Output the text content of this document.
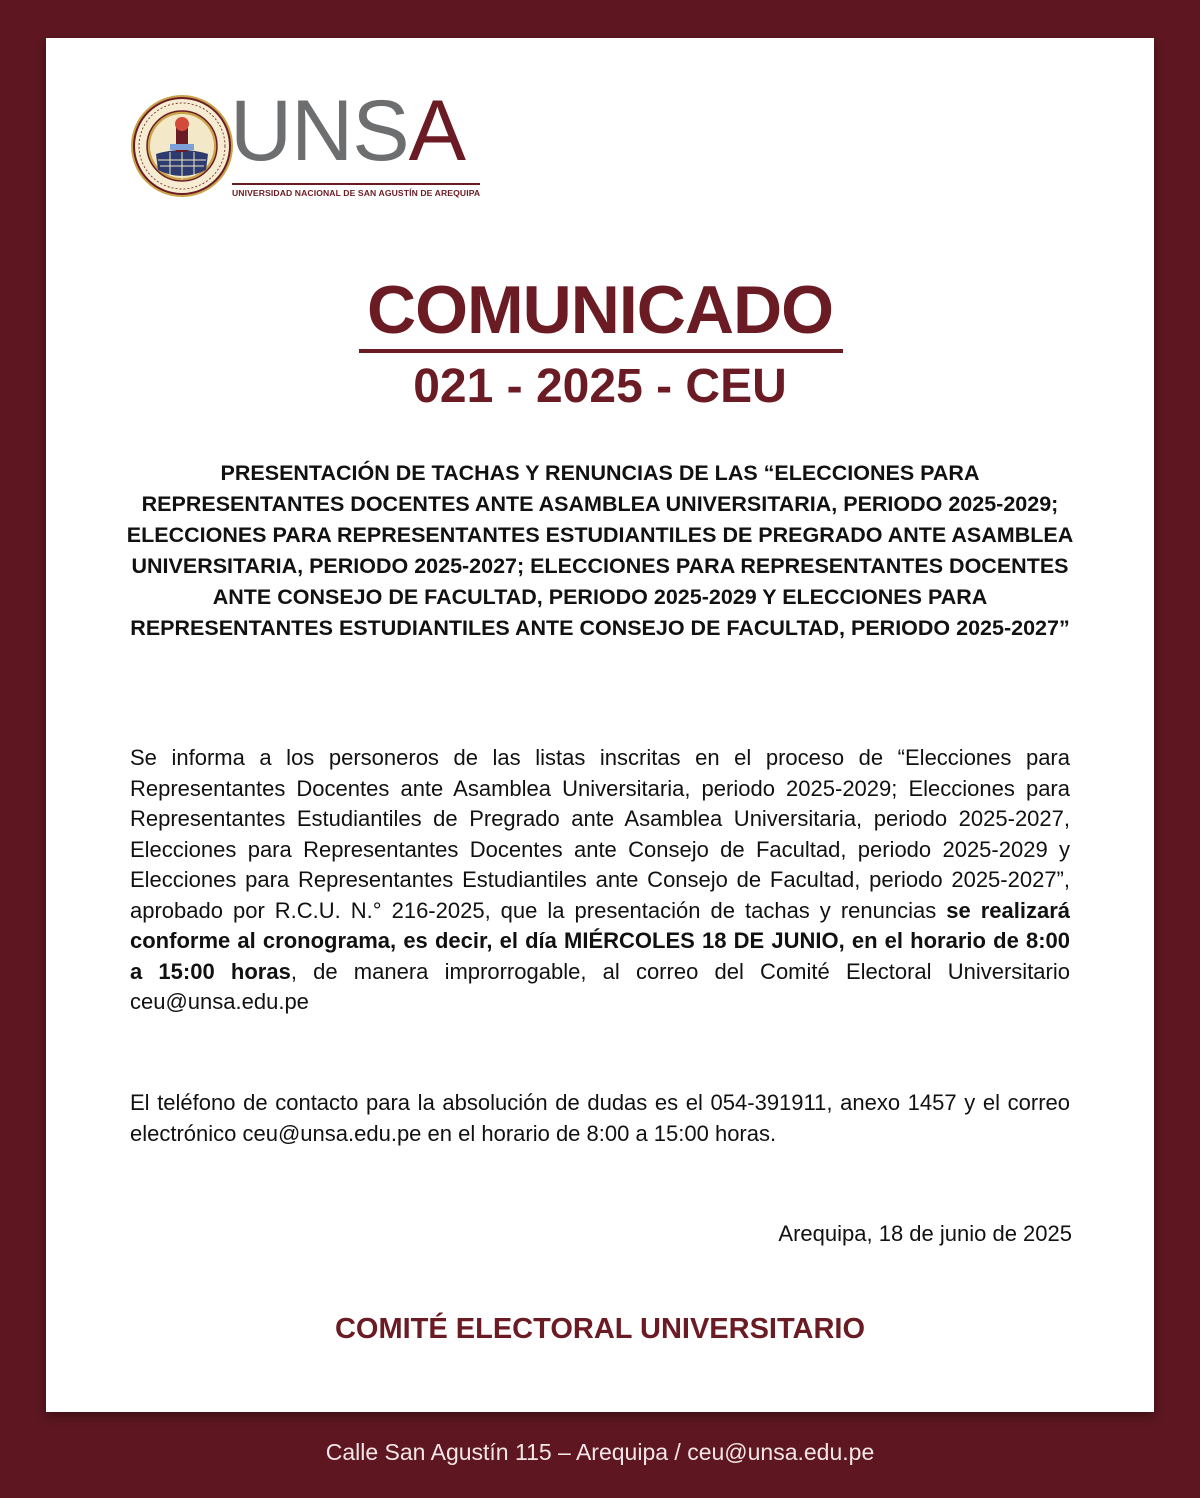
UNSA
UNIVERSIDAD NACIONAL DE SAN AGUSTÍN DE AREQUIPA
COMUNICADO
021 - 2025 - CEU
PRESENTACIÓN DE TACHAS Y RENUNCIAS DE LAS “ELECCIONES PARA REPRESENTANTES DOCENTES ANTE ASAMBLEA UNIVERSITARIA, PERIODO 2025-2029; ELECCIONES PARA REPRESENTANTES ESTUDIANTILES DE PREGRADO ANTE ASAMBLEA UNIVERSITARIA, PERIODO 2025-2027; ELECCIONES PARA REPRESENTANTES DOCENTES ANTE CONSEJO DE FACULTAD, PERIODO 2025-2029 Y ELECCIONES PARA REPRESENTANTES ESTUDIANTILES ANTE CONSEJO DE FACULTAD, PERIODO 2025-2027”
Se informa a los personeros de las listas inscritas en el proceso de “Elecciones para Representantes Docentes ante Asamblea Universitaria, periodo 2025-2029; Elecciones para Representantes Estudiantiles de Pregrado ante Asamblea Universitaria, periodo 2025-2027, Elecciones para Representantes Docentes ante Consejo de Facultad, periodo 2025-2029 y Elecciones para Representantes Estudiantiles ante Consejo de Facultad, periodo 2025-2027”, aprobado por R.C.U. N.° 216-2025, que la presentación de tachas y renuncias se realizará conforme al cronograma, es decir, el día MIÉRCOLES 18 DE JUNIO, en el horario de 8:00 a 15:00 horas, de manera improrrogable, al correo del Comité Electoral Universitario ceu@unsa.edu.pe
El teléfono de contacto para la absolución de dudas es el 054-391911, anexo 1457 y el correo electrónico ceu@unsa.edu.pe en el horario de 8:00 a 15:00 horas.
Arequipa, 18 de junio de 2025
COMITÉ ELECTORAL UNIVERSITARIO
Calle San Agustín 115 – Arequipa / ceu@unsa.edu.pe
